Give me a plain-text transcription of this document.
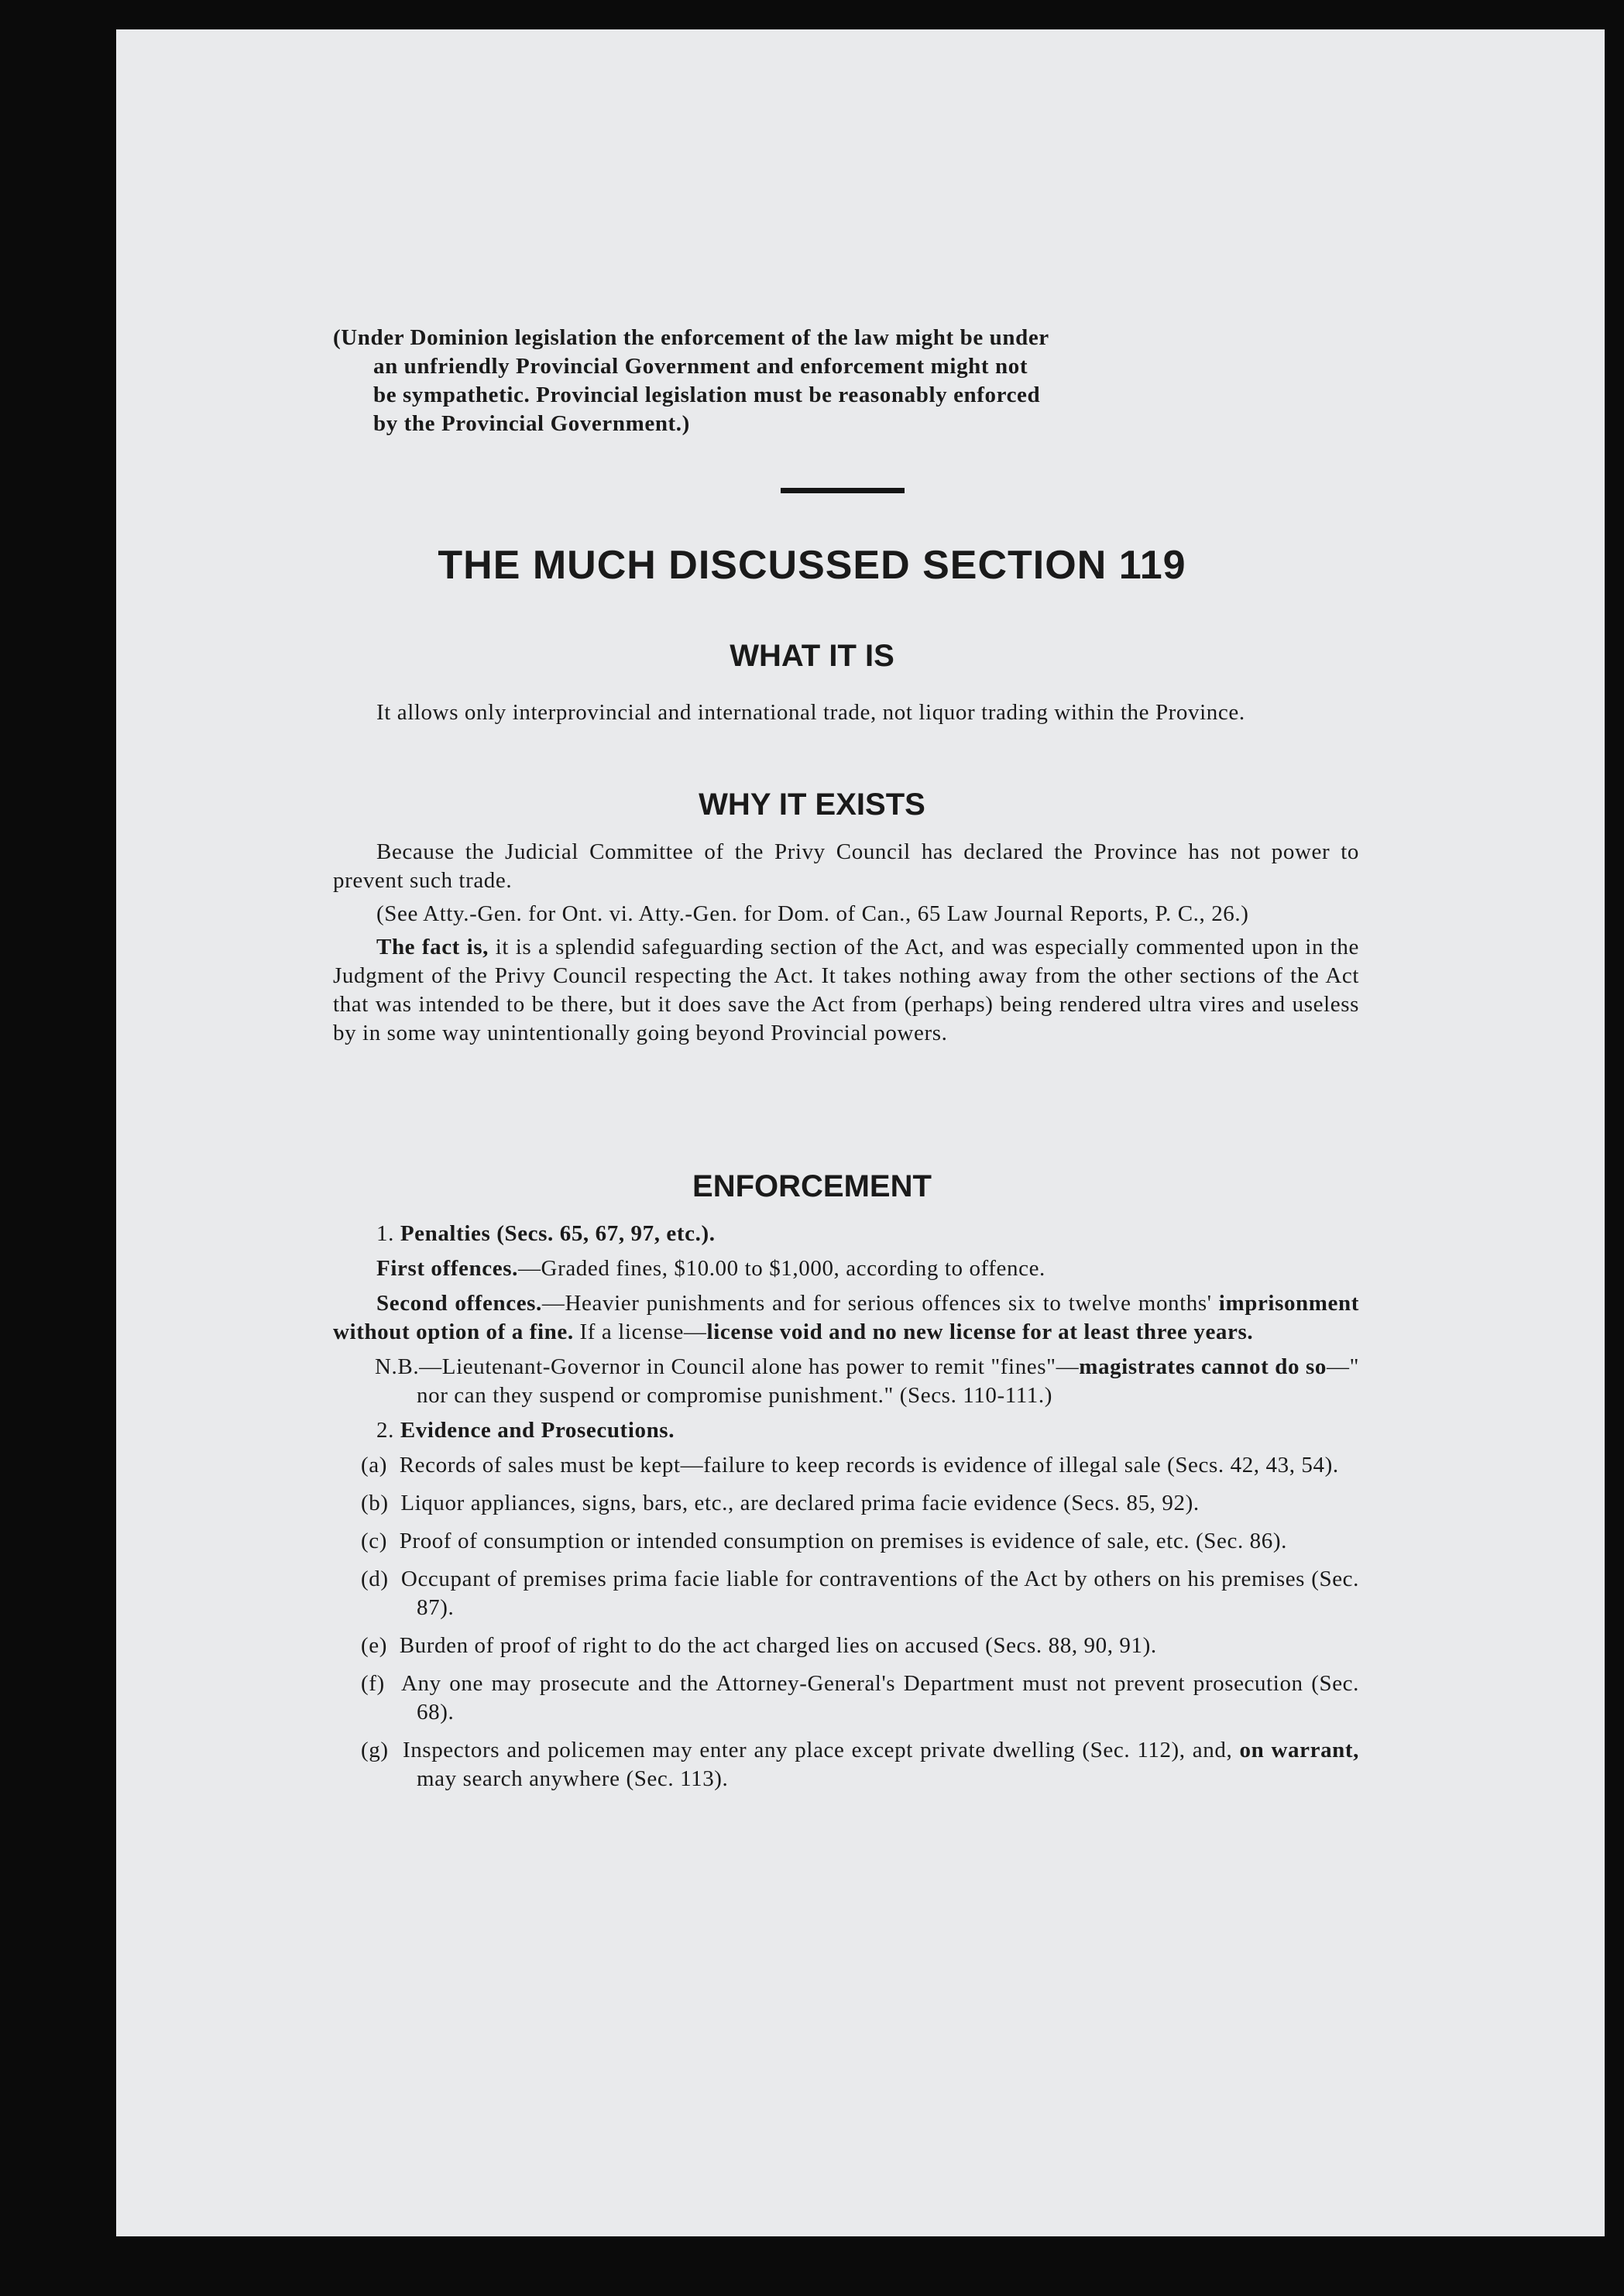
(Under Dominion legislation the enforcement of the law might be under

an unfriendly Provincial Government and enforcement might not

be sympathetic. Provincial legislation must be reasonably enforced

by the Provincial Government.)

THE MUCH DISCUSSED SECTION 119
WHAT IT IS

It allows only interprovincial and international trade, not liquor trading within the Province.

WHY IT EXISTS

Because the Judicial Committee of the Privy Council has declared the Province has not power to prevent such trade.

(See Atty.-Gen. for Ont. vi. Atty.-Gen. for Dom. of Can., 65 Law Journal Reports, P. C., 26.)

The fact is, it is a splendid safeguarding section of the Act, and was especially commented upon in the Judgment of the Privy Council respecting the Act. It takes nothing away from the other sections of the Act that was intended to be there, but it does save the Act from (perhaps) being rendered ultra vires and useless by in some way unintentionally going beyond Provincial powers.

ENFORCEMENT

1. Penalties (Secs. 65, 67, 97, etc.).

First offences.—Graded fines, $10.00 to $1,000, according to offence.

Second offences.—Heavier punishments and for serious offences six to twelve months' imprisonment without option of a fine. If a license—license void and no new license for at least three years.

N.B.—Lieutenant-Governor in Council alone has power to remit "fines"—magistrates cannot do so—" nor can they suspend or compromise punishment." (Secs. 110-111.)

2. Evidence and Prosecutions.

(a) Records of sales must be kept—failure to keep records is evidence of illegal sale (Secs. 42, 43, 54).

(b) Liquor appliances, signs, bars, etc., are declared prima facie evidence (Secs. 85, 92).

(c) Proof of consumption or intended consumption on premises is evidence of sale, etc. (Sec. 86).

(d) Occupant of premises prima facie liable for contraventions of the Act by others on his premises (Sec. 87).

(e) Burden of proof of right to do the act charged lies on accused (Secs. 88, 90, 91).

(f) Any one may prosecute and the Attorney-General's Department must not prevent prosecution (Sec. 68).

(g) Inspectors and policemen may enter any place except private dwelling (Sec. 112), and, on warrant, may search anywhere (Sec. 113).
